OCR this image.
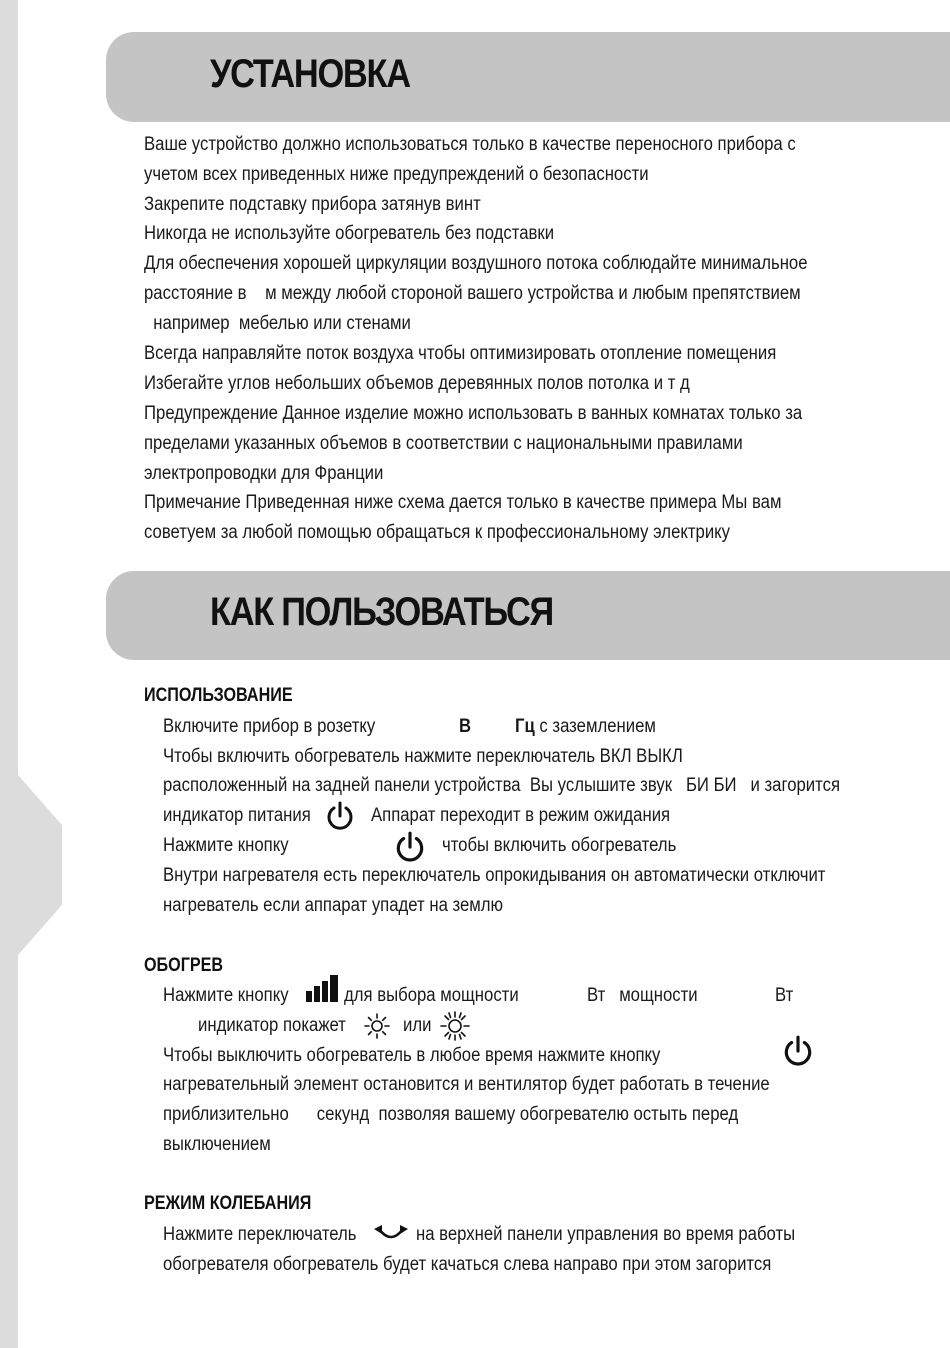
УСТАНОВКА
Ваше устройство должно использоваться только в качестве переносного прибора с
учетом всех приведенных ниже предупреждений о безопасности
Закрепите подставку прибора затянув винт
Никогда не используйте обогреватель без подставки
Для обеспечения хорошей циркуляции воздушного потока соблюдайте минимальное
расстояние в    м между любой стороной вашего устройства и любым препятствием
например  мебелью или стенами
Всегда направляйте поток воздуха чтобы оптимизировать отопление помещения
Избегайте углов небольших объемов деревянных полов потолка и т д
Предупреждение Данное изделие можно использовать в ванных комнатах только за
пределами указанных объемов в соответствии с национальными правилами
электропроводки для Франции
Примечание Приведенная ниже схема дается только в качестве примера Мы вам
советуем за любой помощью обращаться к профессиональному электрику
КАК ПОЛЬЗОВАТЬСЯ
ИСПОЛЬЗОВАНИЕ
Включите прибор в розетку	В Гц с заземлением
Чтобы включить обогреватель нажмите переключатель ВКЛ ВЫКЛ
расположенный на задней панели устройства  Вы услышите звук   БИ БИ   и загорится
индикатор питания	Аппарат переходит в режим ожидания
Нажмите кнопку	чтобы включить обогреватель
Внутри нагревателя есть переключатель опрокидывания он автоматически отключит
нагреватель если аппарат упадет на землю
ОБОГРЕВ
Нажмите кнопку	для выбора мощности	Вт   мощности	Вт
индикатор покажет	или
Чтобы выключить обогреватель в любое время нажмите кнопку
нагревательный элемент остановится и вентилятор будет работать в течение
приблизительно      секунд  позволяя вашему обогревателю остыть перед
выключением
РЕЖИМ КОЛЕБАНИЯ
Нажмите переключатель	на верхней панели управления во время работы
обогревателя обогреватель будет качаться слева направо при этом загорится
